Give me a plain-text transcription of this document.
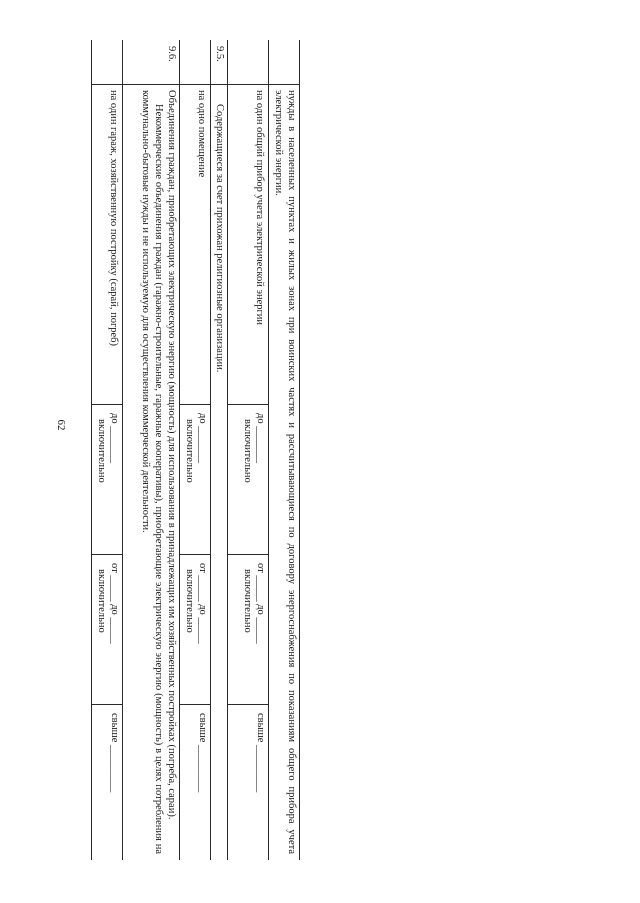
62	нужды в населенных пунктах и жилых зонах при воинских частях и рассчитывающиеся по договору энергоснабжения по показаниям общего прибора учета электрической энергии.
на один общий прибор учета электрической энергии
до _______
включительно
от _____ до _____
включительно
свыше _________
9.5.

Содержащиеся за счет прихожан религиозные организации.

на одно помещение
до _______
включительно
от _____ до _____
включительно
свыше _________
9.6.

Объединения граждан, приобретающих электрическую энергию (мощность) для использования в принадлежащих им хозяйственных постройках (погреба, сараи).

Некоммерческие объединения граждан (гаражно-строительные, гаражные кооперативы), приобретающие электрическую энергию (мощность) в целях потребления на коммунально-бытовые нужды и не используемую для осуществления коммерческой деятельности.

на один гараж, хозяйственную постройку (сарай, погреб)
до _______
включительно
от _____ до _____
включительно
свыше _________
